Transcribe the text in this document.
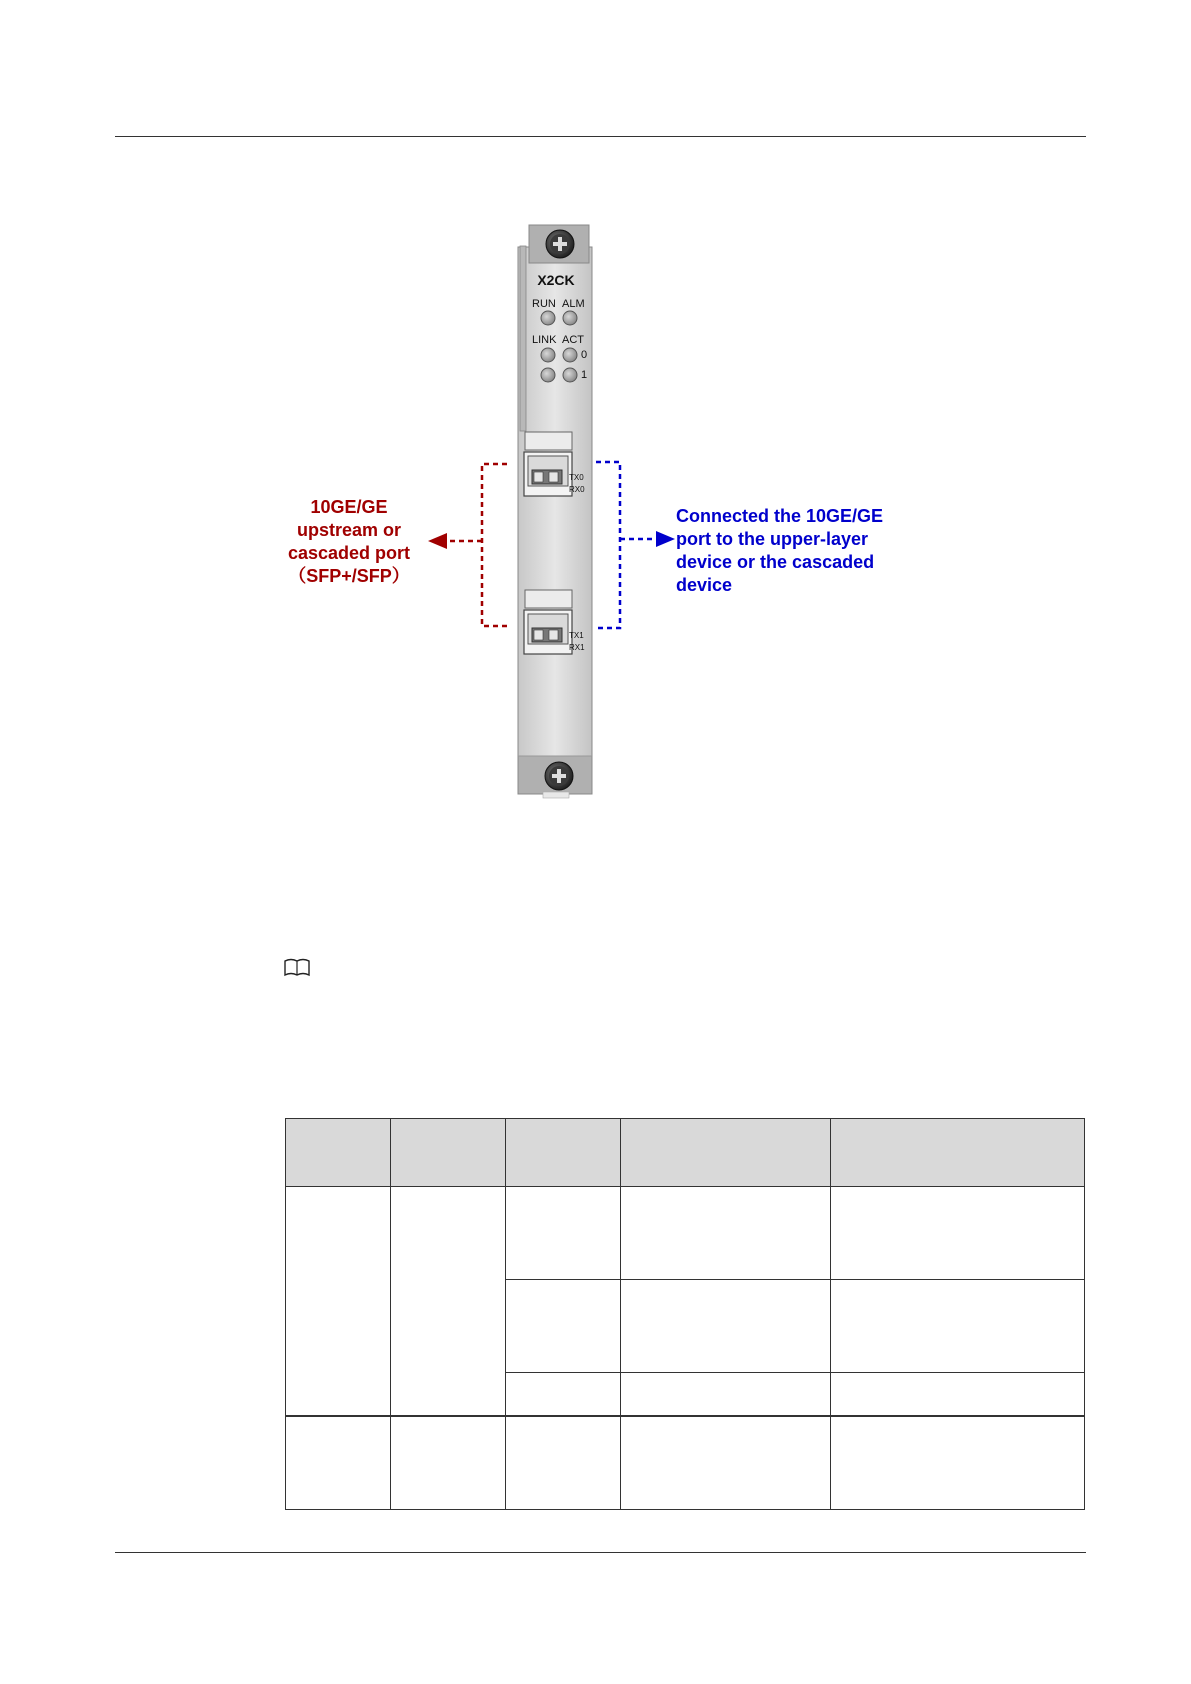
X2CK
RUN ALM
LINK ACT
0
1
TX0
RX0
TX1
RX1
10GE/GE
upstream or
cascaded port
（SFP+/SFP）
Connected the 10GE/GE
port to the upper-layer
device or the cascaded
device
